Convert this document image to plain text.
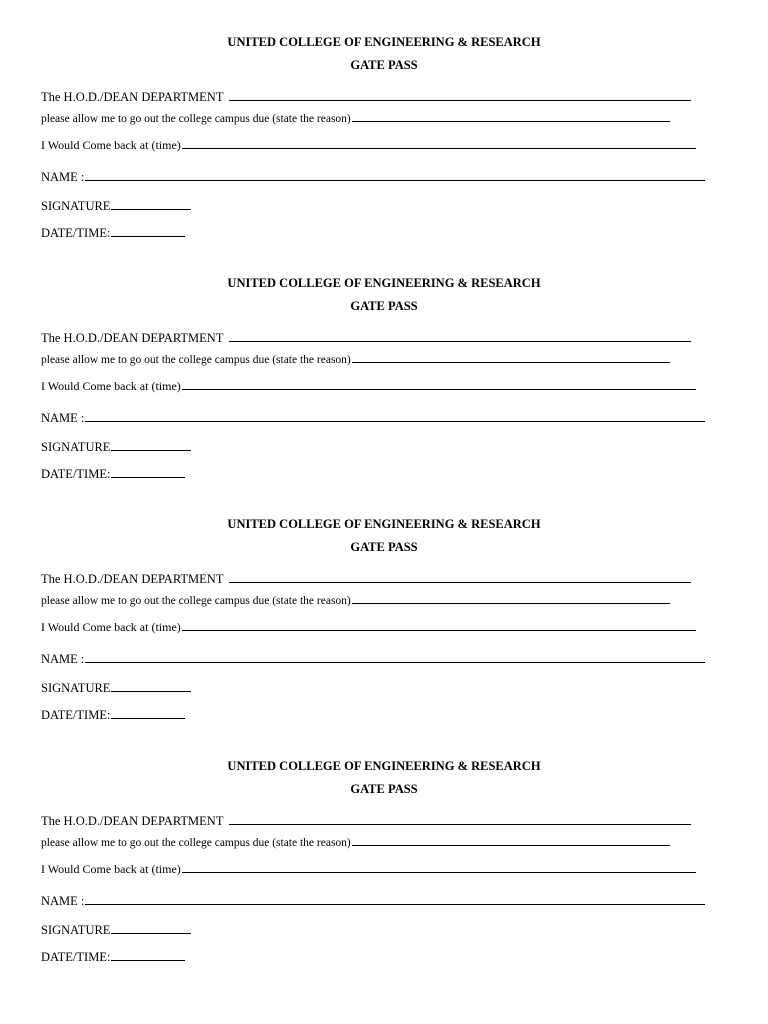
UNITED COLLEGE OF ENGINEERING & RESEARCH
GATE PASS
The H.O.D./DEAN DEPARTMENT
please allow me to go out the college campus due (state the reason)
I Would Come back at (time)
NAME :
SIGNATURE
DATE/TIME:
UNITED COLLEGE OF ENGINEERING & RESEARCH
GATE PASS
The H.O.D./DEAN DEPARTMENT
please allow me to go out the college campus due (state the reason)
I Would Come back at (time)
NAME :
SIGNATURE
DATE/TIME:
UNITED COLLEGE OF ENGINEERING & RESEARCH
GATE PASS
The H.O.D./DEAN DEPARTMENT
please allow me to go out the college campus due (state the reason)
I Would Come back at (time)
NAME :
SIGNATURE
DATE/TIME:
UNITED COLLEGE OF ENGINEERING & RESEARCH
GATE PASS
The H.O.D./DEAN DEPARTMENT
please allow me to go out the college campus due (state the reason)
I Would Come back at (time)
NAME :
SIGNATURE
DATE/TIME:
